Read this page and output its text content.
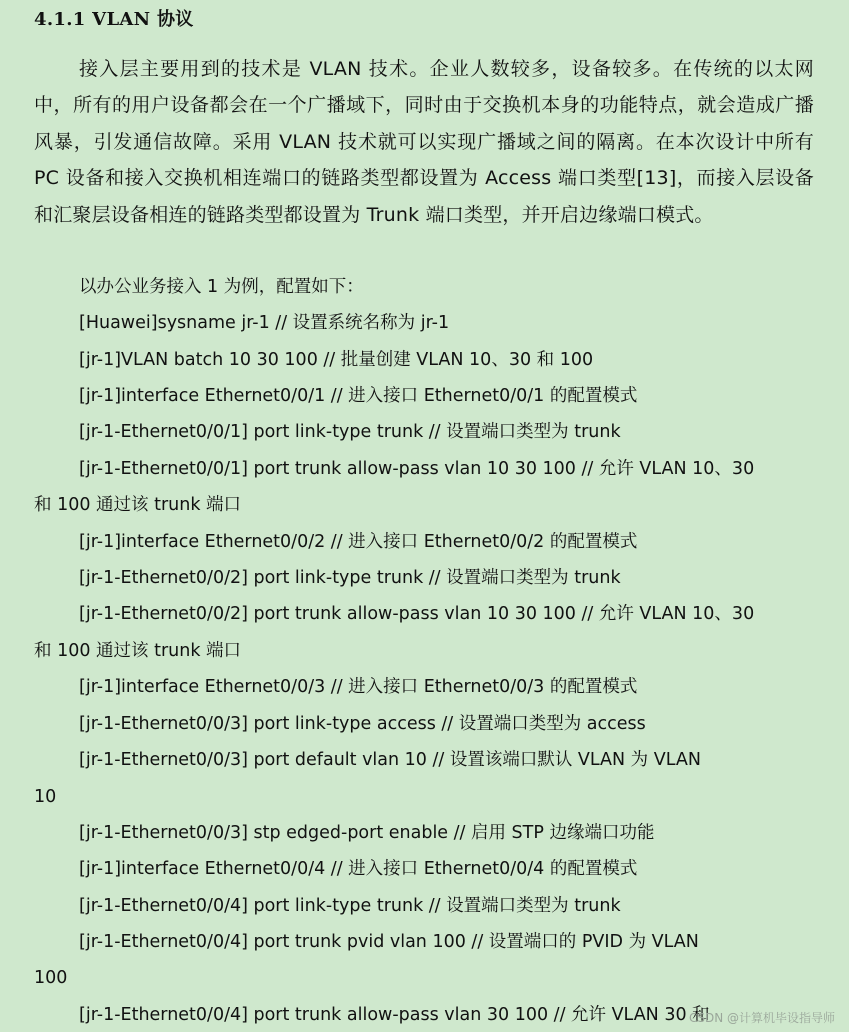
4.1.1 VLAN 协议
接入层主要用到的技术是 VLAN 技术。企业人数较多，设备较多。在传统的以太网中，所有的用户设备都会在一个广播域下，同时由于交换机本身的功能特点，就会造成广播风暴，引发通信故障。采用 VLAN 技术就可以实现广播域之间的隔离。在本次设计中所有 PC 设备和接入交换机相连端口的链路类型都设置为 Access 端口类型[13]，而接入层设备和汇聚层设备相连的链路类型都设置为 Trunk 端口类型，并开启边缘端口模式。
以办公业务接入 1 为例，配置如下：
[Huawei]sysname jr-1 // 设置系统名称为 jr-1
[jr-1]VLAN batch 10 30 100 // 批量创建 VLAN 10、30 和 100
[jr-1]interface Ethernet0/0/1 // 进入接口 Ethernet0/0/1 的配置模式
[jr-1-Ethernet0/0/1] port link-type trunk // 设置端口类型为 trunk
[jr-1-Ethernet0/0/1] port trunk allow-pass vlan 10 30 100 // 允许 VLAN 10、30
和 100 通过该 trunk 端口
[jr-1]interface Ethernet0/0/2 // 进入接口 Ethernet0/0/2 的配置模式
[jr-1-Ethernet0/0/2] port link-type trunk // 设置端口类型为 trunk
[jr-1-Ethernet0/0/2] port trunk allow-pass vlan 10 30 100 // 允许 VLAN 10、30
和 100 通过该 trunk 端口
[jr-1]interface Ethernet0/0/3 // 进入接口 Ethernet0/0/3 的配置模式
[jr-1-Ethernet0/0/3] port link-type access // 设置端口类型为 access
[jr-1-Ethernet0/0/3] port default vlan 10 // 设置该端口默认 VLAN 为 VLAN
10
[jr-1-Ethernet0/0/3] stp edged-port enable // 启用 STP 边缘端口功能
[jr-1]interface Ethernet0/0/4 // 进入接口 Ethernet0/0/4 的配置模式
[jr-1-Ethernet0/0/4] port link-type trunk // 设置端口类型为 trunk
[jr-1-Ethernet0/0/4] port trunk pvid vlan 100 // 设置端口的 PVID 为 VLAN
100
[jr-1-Ethernet0/0/4] port trunk allow-pass vlan 30 100 // 允许 VLAN 30 和
CSDN @计算机毕设指导师
